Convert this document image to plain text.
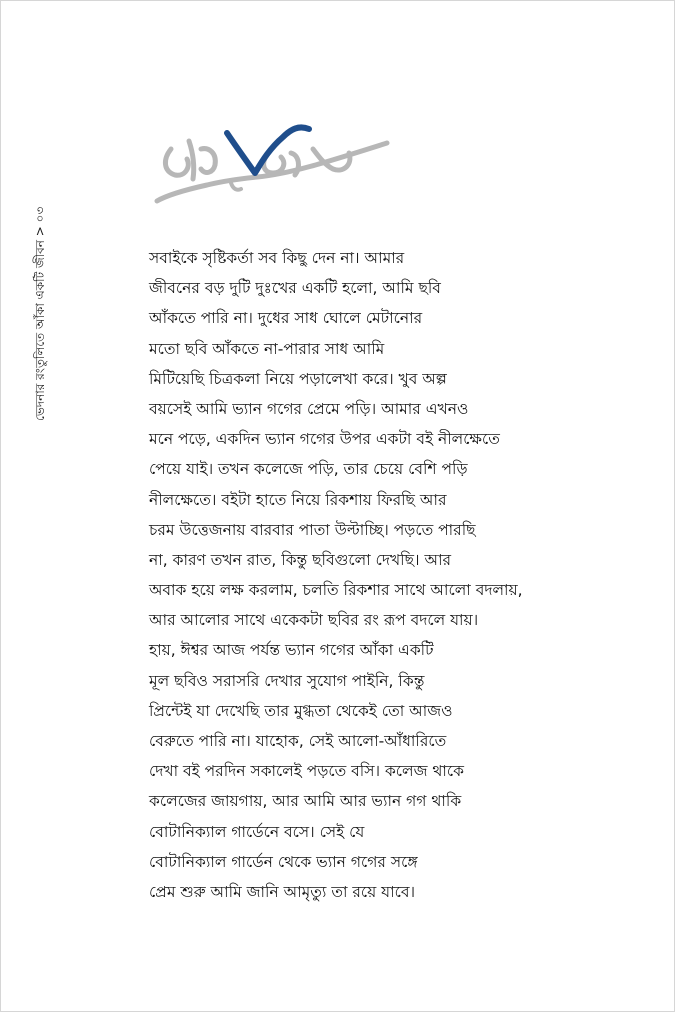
ভেদনার রংতুলিতে আঁকা একটি জীবন > ০৩	সবাইকে সৃষ্টিকর্তা সব কিছু দেন না। আমার
জীবনের বড় দুটি দুঃখের একটি হলো, আমি ছবি
আঁকতে পারি না। দুধের সাধ ঘোলে মেটানোর
মতো ছবি আঁকতে না-পারার সাধ আমি
মিটিয়েছি চিত্রকলা নিয়ে পড়ালেখা করে। খুব অল্প
বয়সেই আমি ভ্যান গগের প্রেমে পড়ি। আমার এখনও
মনে পড়ে, একদিন ভ্যান গগের উপর একটা বই নীলক্ষেতে
পেয়ে যাই। তখন কলেজে পড়ি, তার চেয়ে বেশি পড়ি
নীলক্ষেতে। বইটা হাতে নিয়ে রিকশায় ফিরছি আর
চরম উত্তেজনায় বারবার পাতা উল্টাচ্ছি। পড়তে পারছি
না, কারণ তখন রাত, কিন্তু ছবিগুলো দেখছি। আর
অবাক হয়ে লক্ষ করলাম, চলতি রিকশার সাথে আলো বদলায়,
আর আলোর সাথে একেকটা ছবির রং রূপ বদলে যায়।
হায়, ঈশ্বর আজ পর্যন্ত ভ্যান গগের আঁকা একটি
মূল ছবিও সরাসরি দেখার সুযোগ পাইনি, কিন্তু
প্রিন্টেই যা দেখেছি তার মুগ্ধতা থেকেই তো আজও
বেরুতে পারি না। যাহোক, সেই আলো-আঁধারিতে
দেখা বই পরদিন সকালেই পড়তে বসি। কলেজ থাকে
কলেজের জায়গায়, আর আমি আর ভ্যান গগ থাকি
বোটানিক্যাল গার্ডেনে বসে। সেই যে
বোটানিক্যাল গার্ডেন থেকে ভ্যান গগের সঙ্গে
প্রেম শুরু আমি জানি আমৃত্যু তা রয়ে যাবে।
